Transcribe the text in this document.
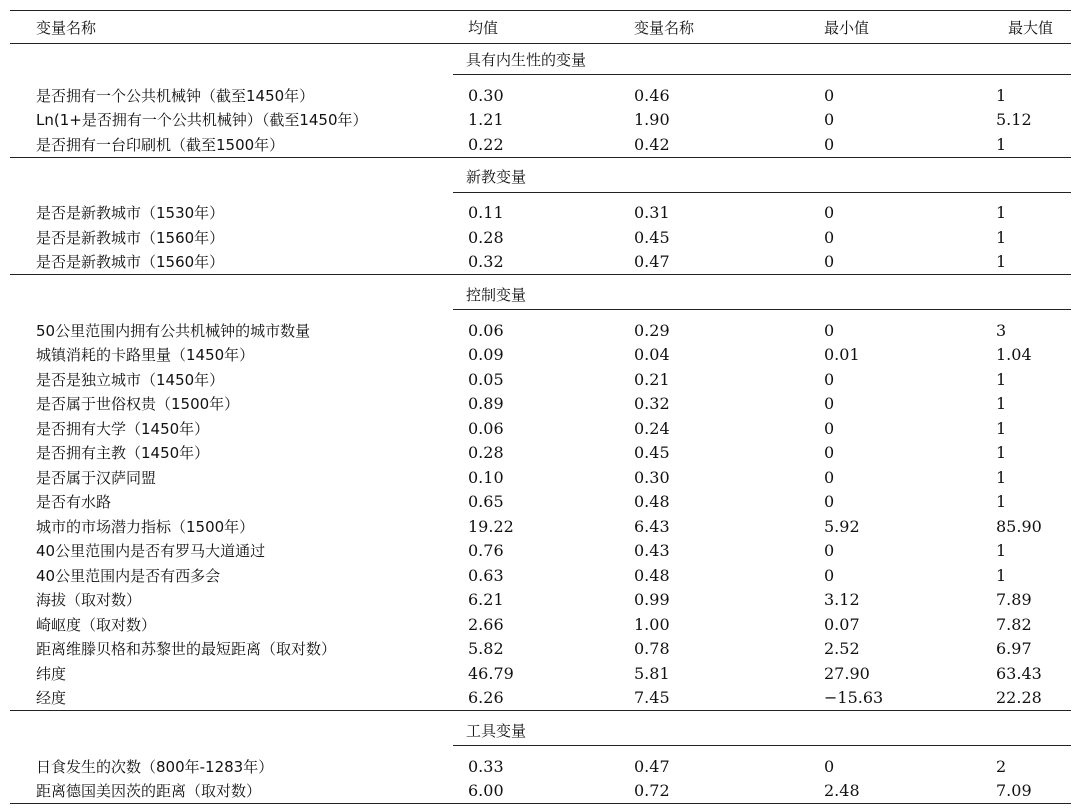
变量名称	均值	变量名称	最小值	最大值
	具有内生性的变量			

是否拥有一个公共机械钟（截至1450年）	0.30	0.46	0	1
Ln(1+是否拥有一个公共机械钟）（截至1450年）	1.21	1.90	0	5.12
是否拥有一台印刷机（截至1500年）	0.22	0.42	0	1

	新教变量			

是否是新教城市（1530年）	0.11	0.31	0	1
是否是新教城市（1560年）	0.28	0.45	0	1
是否是新教城市（1560年）	0.32	0.47	0	1

	控制变量			

50公里范围内拥有公共机械钟的城市数量	0.06	0.29	0	3
城镇消耗的卡路里量（1450年）	0.09	0.04	0.01	1.04
是否是独立城市（1450年）	0.05	0.21	0	1
是否属于世俗权贵（1500年）	0.89	0.32	0	1
是否拥有大学（1450年）	0.06	0.24	0	1
是否拥有主教（1450年）	0.28	0.45	0	1
是否属于汉萨同盟	0.10	0.30	0	1
是否有水路	0.65	0.48	0	1
城市的市场潜力指标（1500年）	19.22	6.43	5.92	85.90
40公里范围内是否有罗马大道通过	0.76	0.43	0	1
40公里范围内是否有西多会	0.63	0.48	0	1
海拔（取对数）	6.21	0.99	3.12	7.89
崎岖度（取对数）	2.66	1.00	0.07	7.82
距离维滕贝格和苏黎世的最短距离（取对数）	5.82	0.78	2.52	6.97
纬度	46.79	5.81	27.90	63.43
经度	6.26	7.45	−15.63	22.28

	工具变量			

日食发生的次数（800年-1283年）	0.33	0.47	0	2
距离德国美因茨的距离（取对数）	6.00	0.72	2.48	7.09
